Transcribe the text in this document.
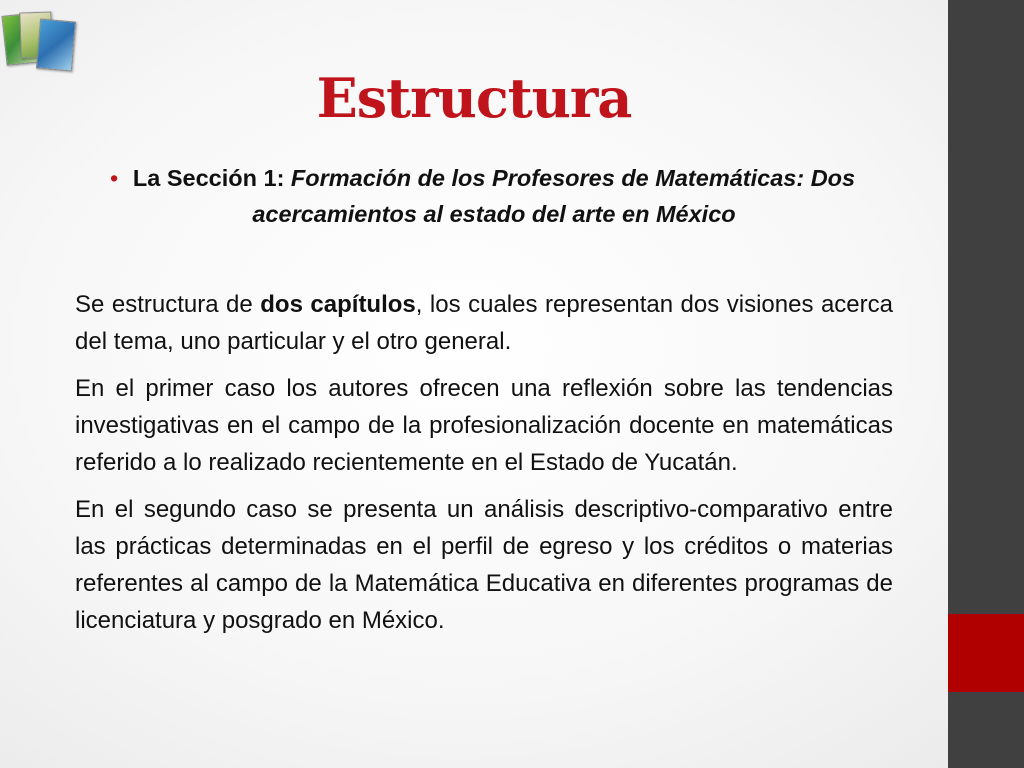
Estructura
• La Sección 1: Formación de los Profesores de Matemáticas: Dos acercamientos al estado del arte en México

Se estructura de dos capítulos, los cuales representan dos visiones acerca del tema, uno particular y el otro general.

En el primer caso los autores ofrecen una reflexión sobre las tendencias investigativas en el campo de la profesionalización docente en matemáticas referido a lo realizado recientemente en el Estado de Yucatán.

En el segundo caso se presenta un análisis descriptivo-comparativo entre las prácticas determinadas en el perfil de egreso y los créditos o materias referentes al campo de la Matemática Educativa en diferentes programas de licenciatura y posgrado en México.
